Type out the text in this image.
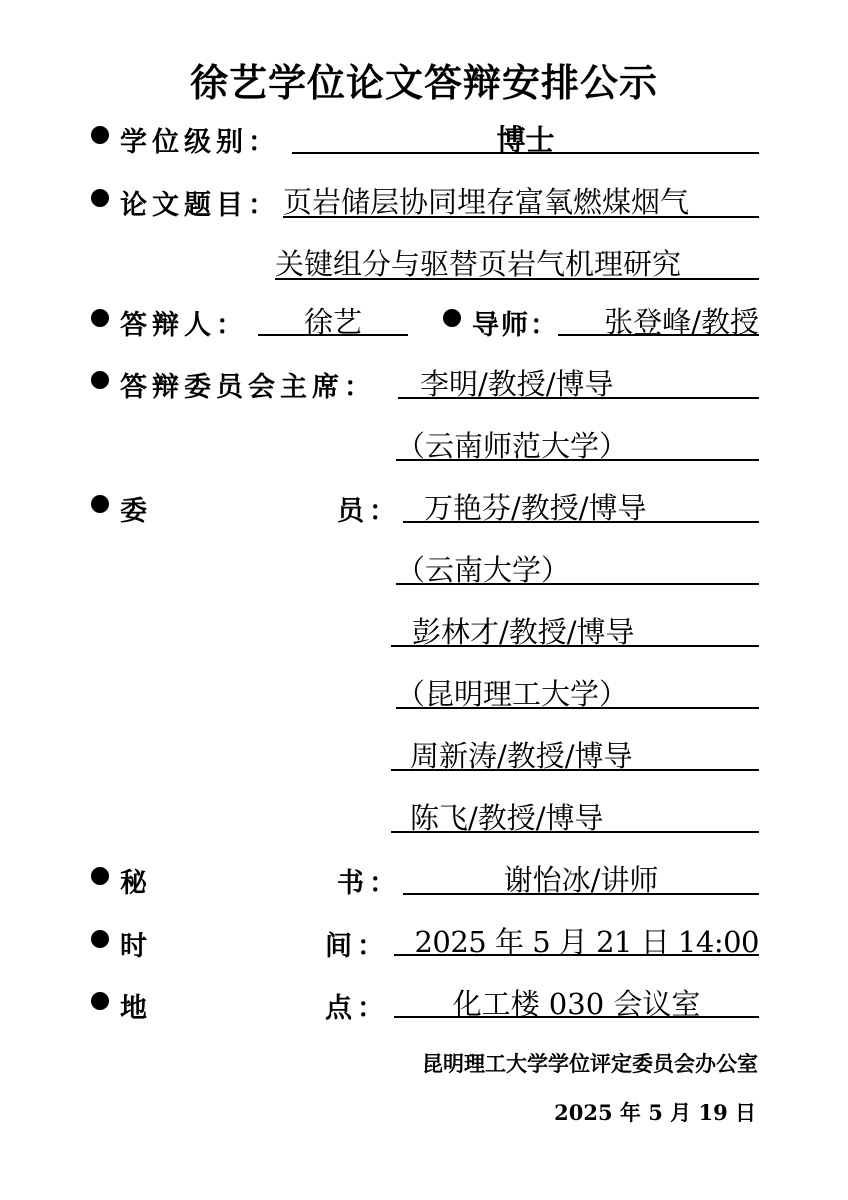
徐艺学位论文答辩安排公示
学位级别：	博士
论文题目： 页岩储层协同埋存富氧燃煤烟气
关键组分与驱替页岩气机理研究
答辩人：	徐艺	导师：	张登峰/教授
答辩委员会主席： 李明/教授/博导
（云南师范大学）
委	员： 万艳芬/教授/博导
（云南大学）
彭林才/教授/博导
（昆明理工大学）
周新涛/教授/博导
陈飞/教授/博导
秘	书：	谢怡冰/讲师
时	间： 2025 年 5 月 21 日 14:00
地	点：	化工楼 030 会议室
昆明理工大学学位评定委员会办公室
2025 年 5 月 19 日
